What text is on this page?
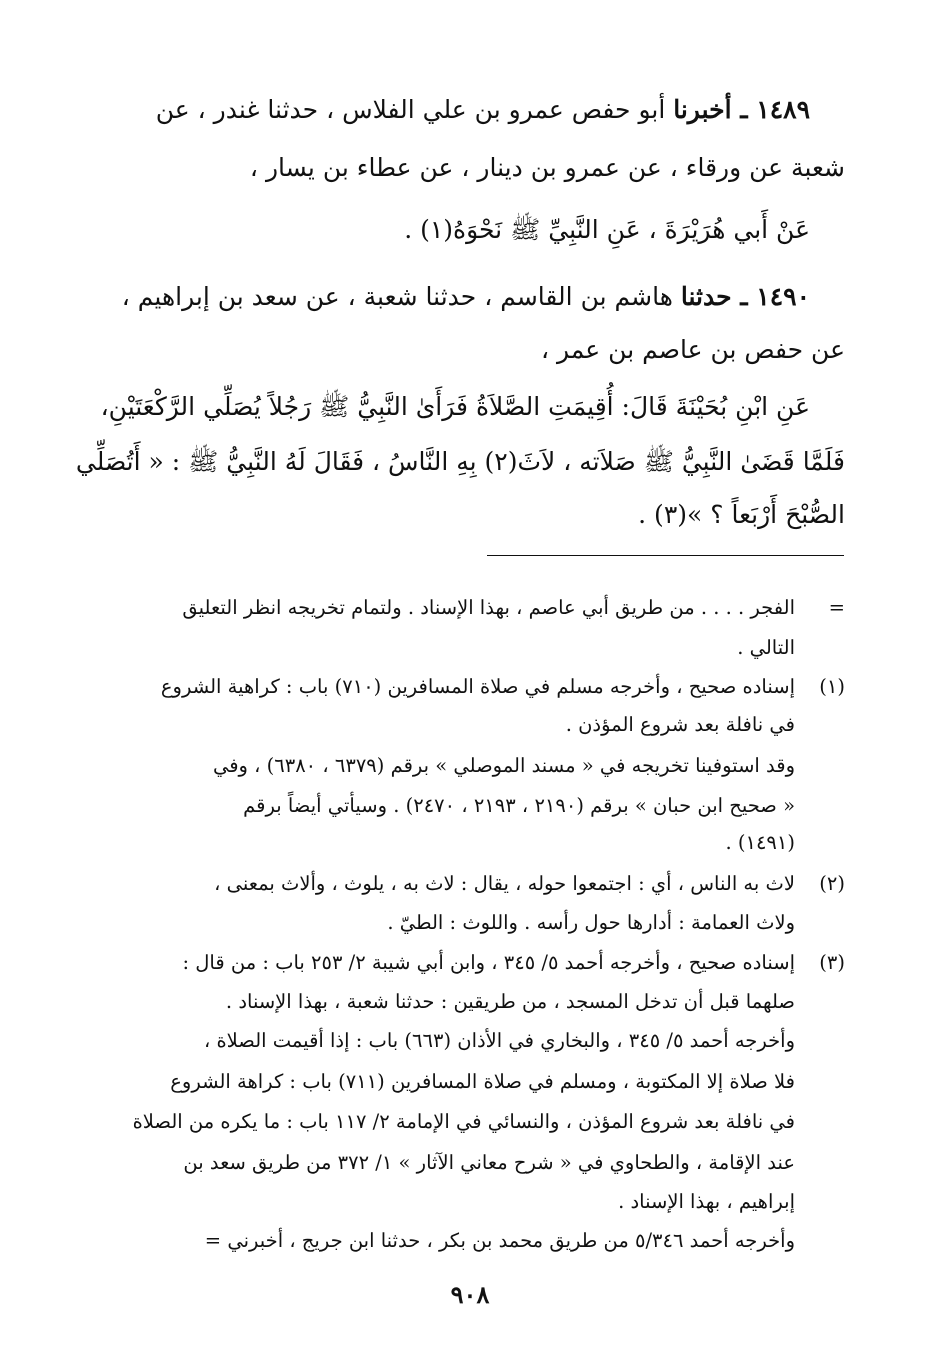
١٤٨٩ ـ أخبرنا أبو حفص عمرو بن علي الفلاس ، حدثنا غندر ، عن
شعبة عن ورقاء ، عن عمرو بن دينار ، عن عطاء بن يسار ،
عَنْ أَبي هُرَيْرَةَ ، عَنِ النَّبِيِّ ﷺ نَحْوَهُ(١) .
١٤٩٠ ـ حدثنا هاشم بن القاسم ، حدثنا شعبة ، عن سعد بن إبراهيم ،
عن حفص بن عاصم بن عمر ،
عَنِ ابْنِ بُحَيْنَةَ قَالَ: أُقِيمَتِ الصَّلاَةُ فَرَأَىٰ النَّبِيُّ ﷺ رَجُلاً يُصَلِّي الرَّكْعَتَيْنِ،
فَلَمَّا قَضَىٰ النَّبِيُّ ﷺ صَلاَته ، لاَثَ(٢) بِهِ النَّاسُ ، فَقَالَ لَهُ النَّبِيُّ ﷺ : « أَتُصَلِّي
الصُّبْحَ أَرْبَعاً ؟ »(٣) .
=
الفجر . . . . من طريق أبي عاصم ، بهذا الإسناد . ولتمام تخريجه انظر التعليق
التالي .
(١)
إسناده صحيح ، وأخرجه مسلم في صلاة المسافرين (٧١٠) باب : كراهية الشروع
في نافلة بعد شروع المؤذن .
وقد استوفينا تخريجه في « مسند الموصلي » برقم (٦٣٧٩ ، ٦٣٨٠) ، وفي
« صحيح ابن حبان » برقم (٢١٩٠ ، ٢١٩٣ ، ٢٤٧٠) . وسيأتي أيضاً برقم
(١٤٩١) .
(٢)
لاث به الناس ، أي : اجتمعوا حوله ، يقال : لاث به ، يلوث ، وألاث بمعنى ،
ولاث العمامة : أدارها حول رأسه . واللوث : الطيّ .
(٣)
إسناده صحيح ، وأخرجه أحمد ٥/ ٣٤٥ ، وابن أبي شيبة ٢/ ٢٥٣ باب : من قال :
صلهما قبل أن تدخل المسجد ، من طريقين : حدثنا شعبة ، بهذا الإسناد .
وأخرجه أحمد ٥/ ٣٤٥ ، والبخاري في الأذان (٦٦٣) باب : إذا أقيمت الصلاة ،
فلا صلاة إلا المكتوبة ، ومسلم في صلاة المسافرين (٧١١) باب : كراهة الشروع
في نافلة بعد شروع المؤذن ، والنسائي في الإمامة ٢/ ١١٧ باب : ما يكره من الصلاة
عند الإقامة ، والطحاوي في « شرح معاني الآثار » ١/ ٣٧٢ من طريق سعد بن
إبراهيم ، بهذا الإسناد .
وأخرجه أحمد ٥/٣٤٦ من طريق محمد بن بكر ، حدثنا ابن جريج ، أخبرني =
٩٠٨
